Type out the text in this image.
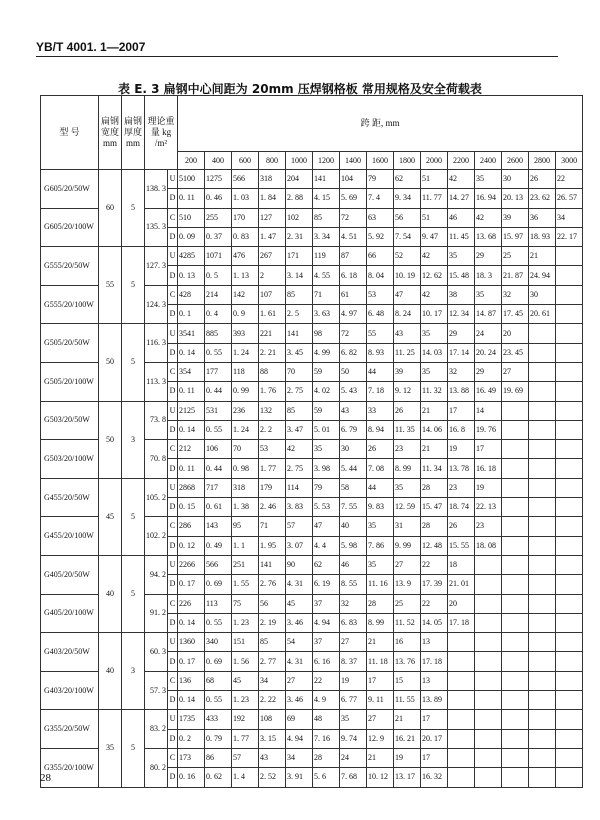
YB/T 4001. 1—2007
表 E. 3 扁钢中心间距为 20mm 压焊钢格板 常用规格及安全荷载表
型 号	扁钢宽度 mm	扁钢厚度 mm	理论重量 kg /m²		跨 距, mm														
					200	400	600	800	1000	1200	1400	1600	1800	2000	2200	2400	2600	2800	3000
G605/20/50W	60	5	138. 3	U	5100	1275	566	318	204	141	104	79	62	51	42	35	30	26	22
				D	0. 11	0. 46	1. 03	1. 84	2. 88	4. 15	5. 69	7. 4	9. 34	11. 77	14. 27	16. 94	20. 13	23. 62	26. 57
G605/20/100W			135. 3	C	510	255	170	127	102	85	72	63	56	51	46	42	39	36	34
				D	0. 09	0. 37	0. 83	1. 47	2. 31	3. 34	4. 51	5. 92	7. 54	9. 47	11. 45	13. 68	15. 97	18. 93	22. 17
G555/20/50W	55	5	127. 3	U	4285	1071	476	267	171	119	87	66	52	42	35	29	25	21	
				D	0. 13	0. 5	1. 13	2	3. 14	4. 55	6. 18	8. 04	10. 19	12. 62	15. 48	18. 3	21. 87	24. 94	
G555/20/100W			124. 3	C	428	214	142	107	85	71	61	53	47	42	38	35	32	30	
				D	0. 1	0. 4	0. 9	1. 61	2. 5	3. 63	4. 97	6. 48	8. 24	10. 17	12. 34	14. 87	17. 45	20. 61	
G505/20/50W	50	5	116. 3	U	3541	885	393	221	141	98	72	55	43	35	29	24	20		
				D	0. 14	0. 55	1. 24	2. 21	3. 45	4. 99	6. 82	8. 93	11. 25	14. 03	17. 14	20. 24	23. 45		
G505/20/100W			113. 3	C	354	177	118	88	70	59	50	44	39	35	32	29	27		
				D	0. 11	0. 44	0. 99	1. 76	2. 75	4. 02	5. 43	7. 18	9. 12	11. 32	13. 88	16. 49	19. 69		
G503/20/50W	50	3	73. 8	U	2125	531	236	132	85	59	43	33	26	21	17	14			
				D	0. 14	0. 55	1. 24	2. 2	3. 47	5. 01	6. 79	8. 94	11. 35	14. 06	16. 8	19. 76			
G503/20/100W			70. 8	C	212	106	70	53	42	35	30	26	23	21	19	17			
				D	0. 11	0. 44	0. 98	1. 77	2. 75	3. 98	5. 44	7. 08	8. 99	11. 34	13. 78	16. 18			
G455/20/50W	45	5	105. 2	U	2868	717	318	179	114	79	58	44	35	28	23	19			
				D	0. 15	0. 61	1. 38	2. 46	3. 83	5. 53	7. 55	9. 83	12. 59	15. 47	18. 74	22. 13			
G455/20/100W			102. 2	C	286	143	95	71	57	47	40	35	31	28	26	23			
				D	0. 12	0. 49	1. 1	1. 95	3. 07	4. 4	5. 98	7. 86	9. 99	12. 48	15. 55	18. 08			
G405/20/50W	40	5	94. 2	U	2266	566	251	141	90	62	46	35	27	22	18				
				D	0. 17	0. 69	1. 55	2. 76	4. 31	6. 19	8. 55	11. 16	13. 9	17. 39	21. 01				
G405/20/100W			91. 2	C	226	113	75	56	45	37	32	28	25	22	20				
				D	0. 14	0. 55	1. 23	2. 19	3. 46	4. 94	6. 83	8. 99	11. 52	14. 05	17. 18				
G403/20/50W	40	3	60. 3	U	1360	340	151	85	54	37	27	21	16	13					
				D	0. 17	0. 69	1. 56	2. 77	4. 31	6. 16	8. 37	11. 18	13. 76	17. 18					
G403/20/100W			57. 3	C	136	68	45	34	27	22	19	17	15	13					
				D	0. 14	0. 55	1. 23	2. 22	3. 46	4. 9	6. 77	9. 11	11. 55	13. 89					
G355/20/50W	35	5	83. 2	U	1735	433	192	108	69	48	35	27	21	17					
				D	0. 2	0. 79	1. 77	3. 15	4. 94	7. 16	9. 74	12. 9	16. 21	20. 17					
G355/20/100W			80. 2	C	173	86	57	43	34	28	24	21	19	17					
				D	0. 16	0. 62	1. 4	2. 52	3. 91	5. 6	7. 68	10. 12	13. 17	16. 32					
28
